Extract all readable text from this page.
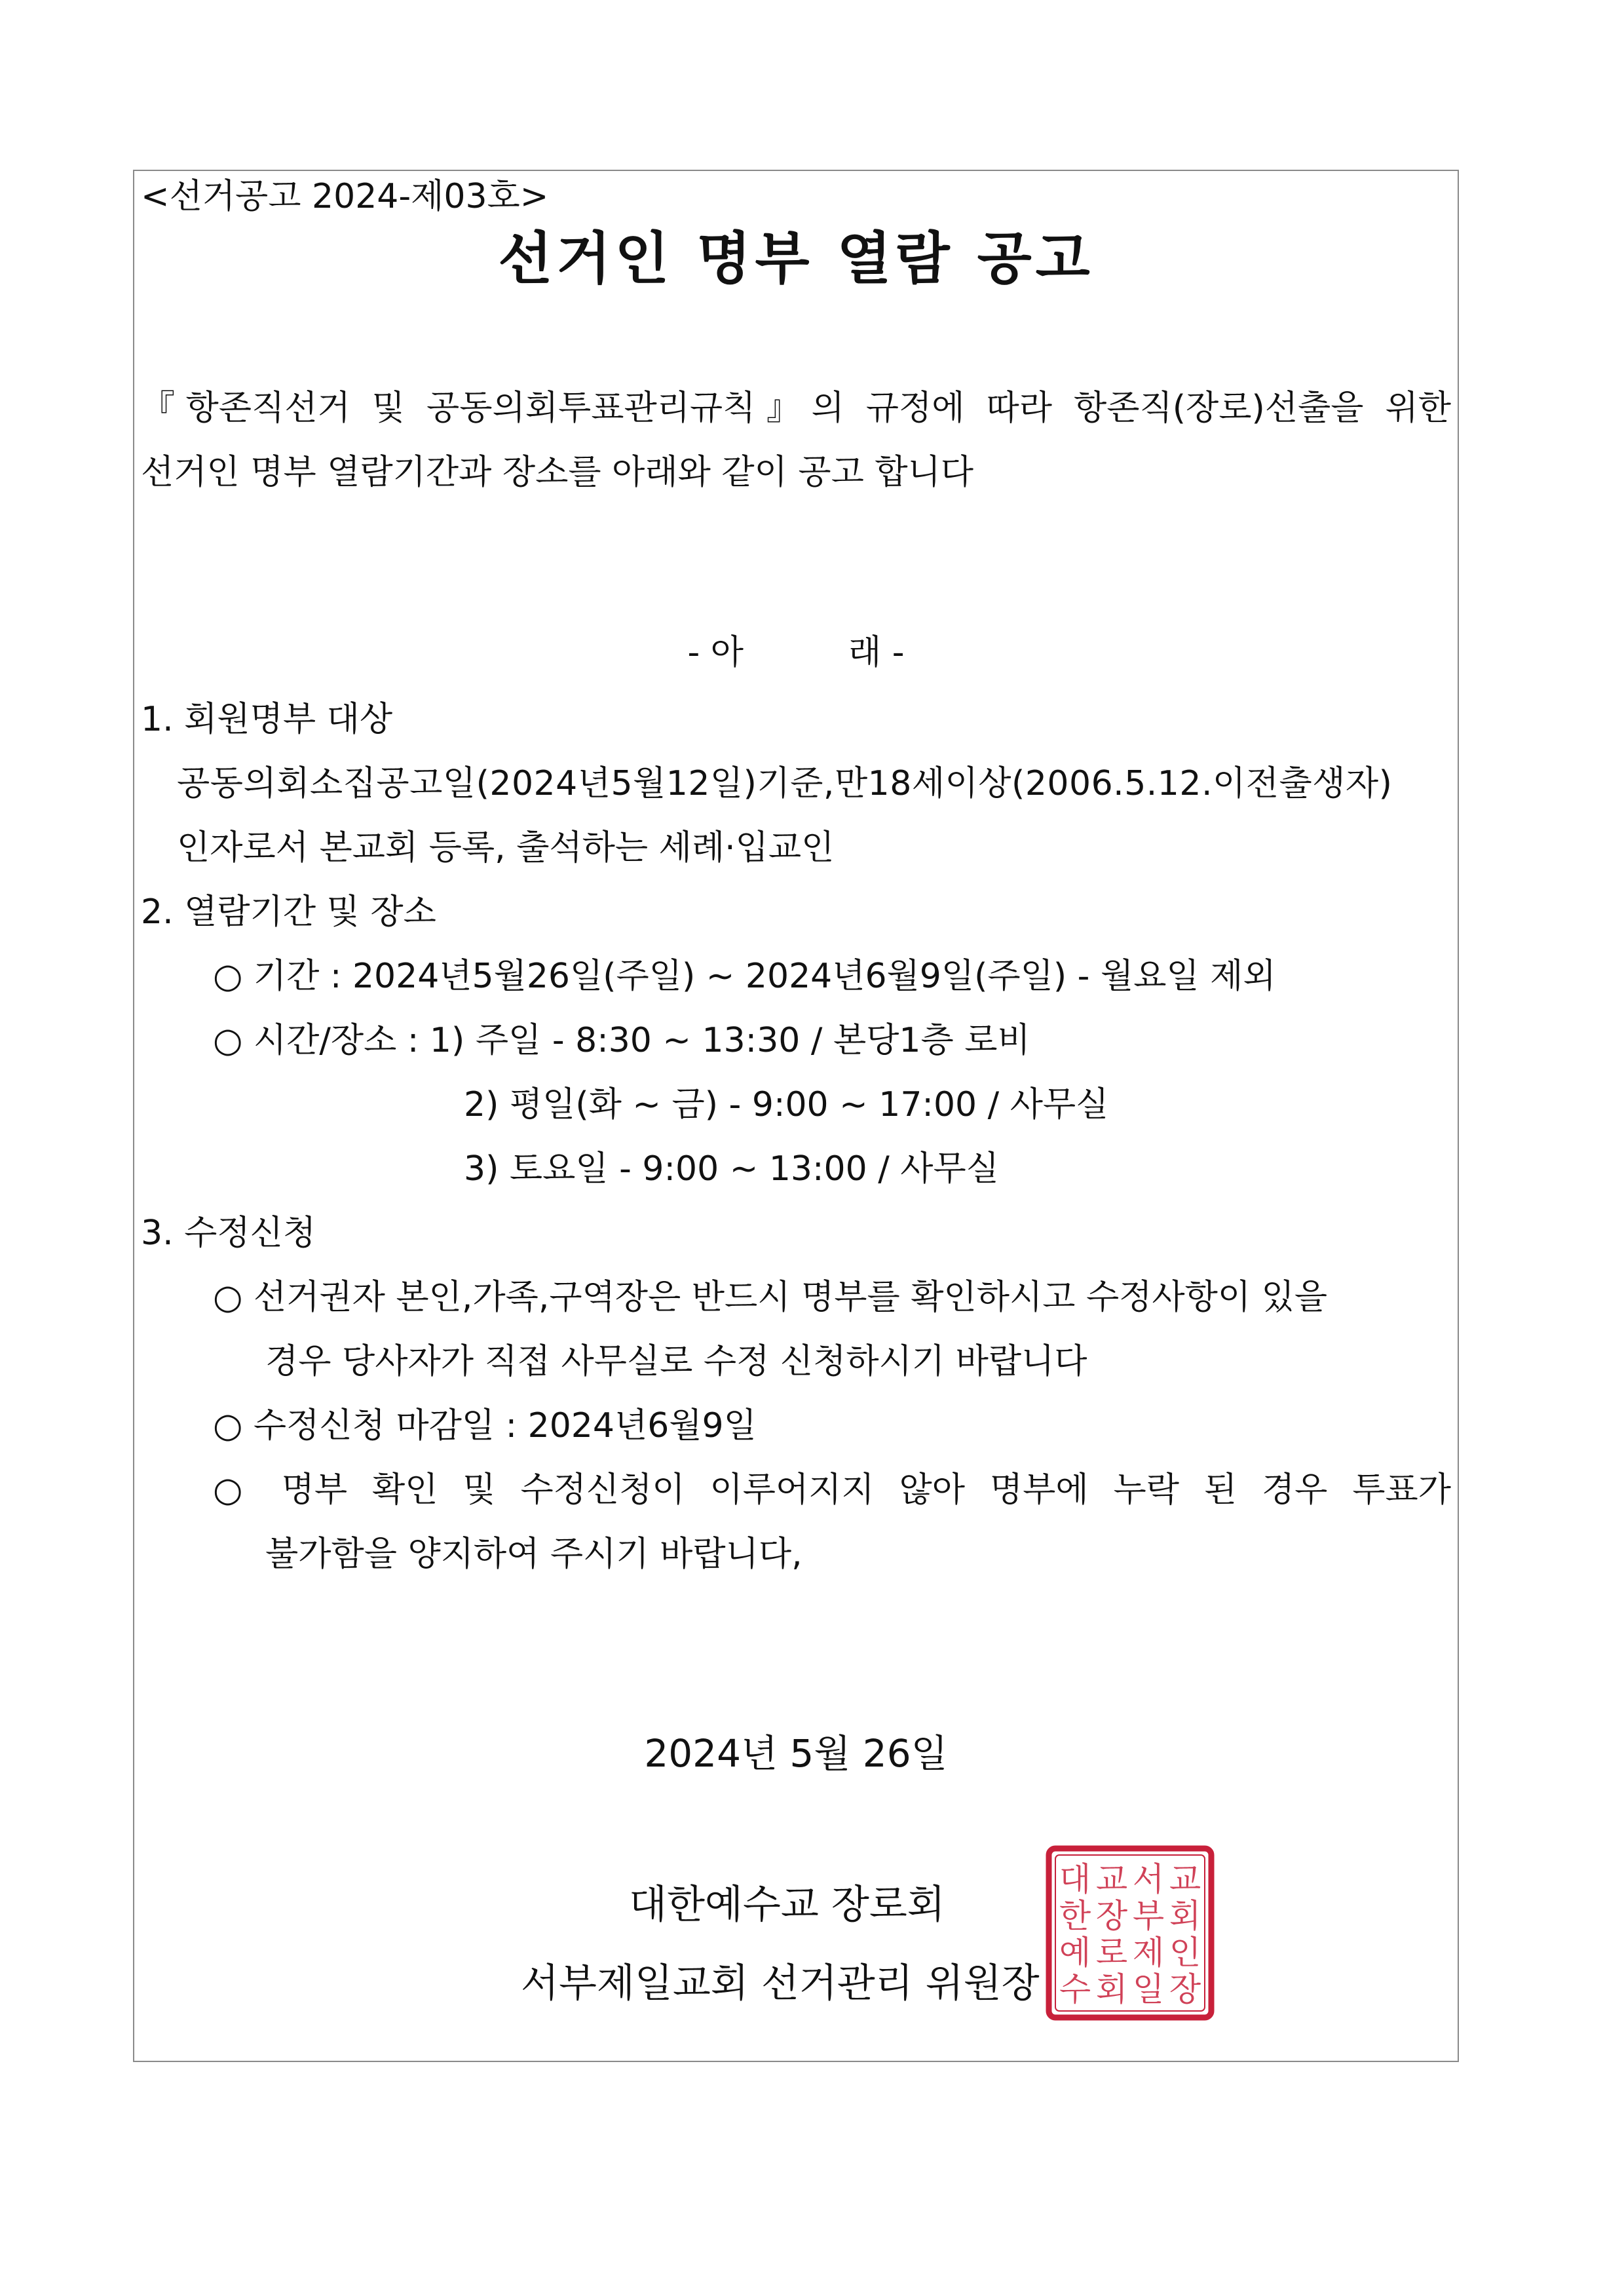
<선거공고 2024-제03호>
선거인 명부 열람 공고
『항존직선거 및 공동의회투표관리규칙』의 규정에 따라 항존직(장로)선출을 위한
선거인 명부 열람기간과 장소를 아래와 같이 공고 합니다
- 아	래 -
1. 회원명부 대상
공동의회소집공고일(2024년5월12일)기준,만18세이상(2006.5.12.이전출생자)
인자로서 본교회 등록, 출석하는 세례·입교인
2. 열람기간 및 장소
○ 기간 : 2024년5월26일(주일) ~ 2024년6월9일(주일) - 월요일 제외
○ 시간/장소 : 1) 주일 - 8:30 ~ 13:30 / 본당1층 로비
2) 평일(화 ~ 금) - 9:00 ~ 17:00 / 사무실
3) 토요일 - 9:00 ~ 13:00 / 사무실
3. 수정신청
○ 선거권자 본인,가족,구역장은 반드시 명부를 확인하시고 수정사항이 있을
경우 당사자가 직접 사무실로 수정 신청하시기 바랍니다
○ 수정신청 마감일 : 2024년6월9일
○ 명부 확인 및 수정신청이 이루어지지 않아 명부에 누락 된 경우 투표가
불가함을 양지하여 주시기 바랍니다,
2024년 5월 26일
대한예수교 장로회
서부제일교회 선거관리 위원장
대
한
예
수
교
장
로
회
서
부
제
일
교
회
인
장
